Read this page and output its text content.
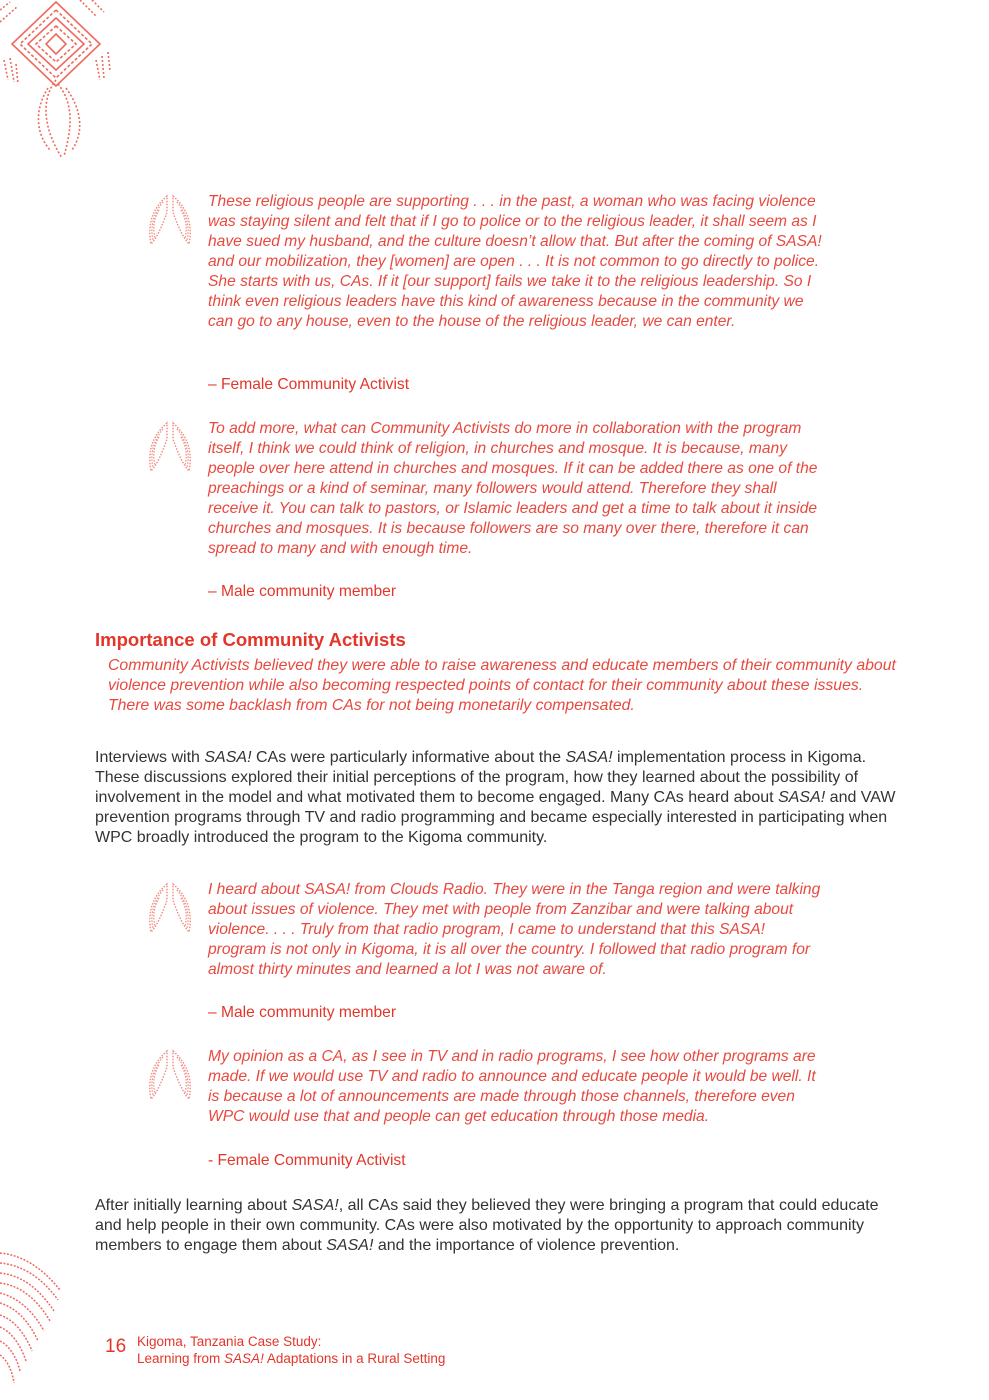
These religious people are supporting . . . in the past, a woman who was facing violence was staying silent and felt that if I go to police or to the religious leader, it shall seem as I have sued my husband, and the culture doesn’t allow that. But after the coming of SASA! and our mobilization, they [women] are open . . . It is not common to go directly to police. She starts with us, CAs. If it [our support] fails we take it to the religious leadership. So I think even religious leaders have this kind of awareness because in the community we can go to any house, even to the house of the religious leader, we can enter.

– Female Community Activist

To add more, what can Community Activists do more in collaboration with the program itself, I think we could think of religion, in churches and mosque. It is because, many people over here attend in churches and mosques. If it can be added there as one of the preachings or a kind of seminar, many followers would attend. Therefore they shall receive it. You can talk to pastors, or Islamic leaders and get a time to talk about it inside churches and mosques. It is because followers are so many over there, therefore it can spread to many and with enough time.

– Male community member

Importance of Community Activists

Community Activists believed they were able to raise awareness and educate members of their community about violence prevention while also becoming respected points of contact for their community about these issues. There was some backlash from CAs for not being monetarily compensated.

Interviews with SASA! CAs were particularly informative about the SASA! implementation process in Kigoma. These discussions explored their initial perceptions of the program, how they learned about the possibility of involvement in the model and what motivated them to become engaged. Many CAs heard about SASA! and VAW prevention programs through TV and radio programming and became especially interested in participating when WPC broadly introduced the program to the Kigoma community.

I heard about SASA! from Clouds Radio. They were in the Tanga region and were talking about issues of violence. They met with people from Zanzibar and were talking about violence. . . . Truly from that radio program, I came to understand that this SASA! program is not only in Kigoma, it is all over the country. I followed that radio program for almost thirty minutes and learned a lot I was not aware of.

– Male community member

My opinion as a CA, as I see in TV and in radio programs, I see how other programs are made. If we would use TV and radio to announce and educate people it would be well. It is because a lot of announcements are made through those channels, therefore even WPC would use that and people can get education through those media.

- Female Community Activist

After initially learning about SASA!, all CAs said they believed they were bringing a program that could educate and help people in their own community. CAs were also motivated by the opportunity to approach community members to engage them about SASA! and the importance of violence prevention.

16 Kigoma, Tanzania Case Study:

Learning from SASA! Adaptations in a Rural Setting
